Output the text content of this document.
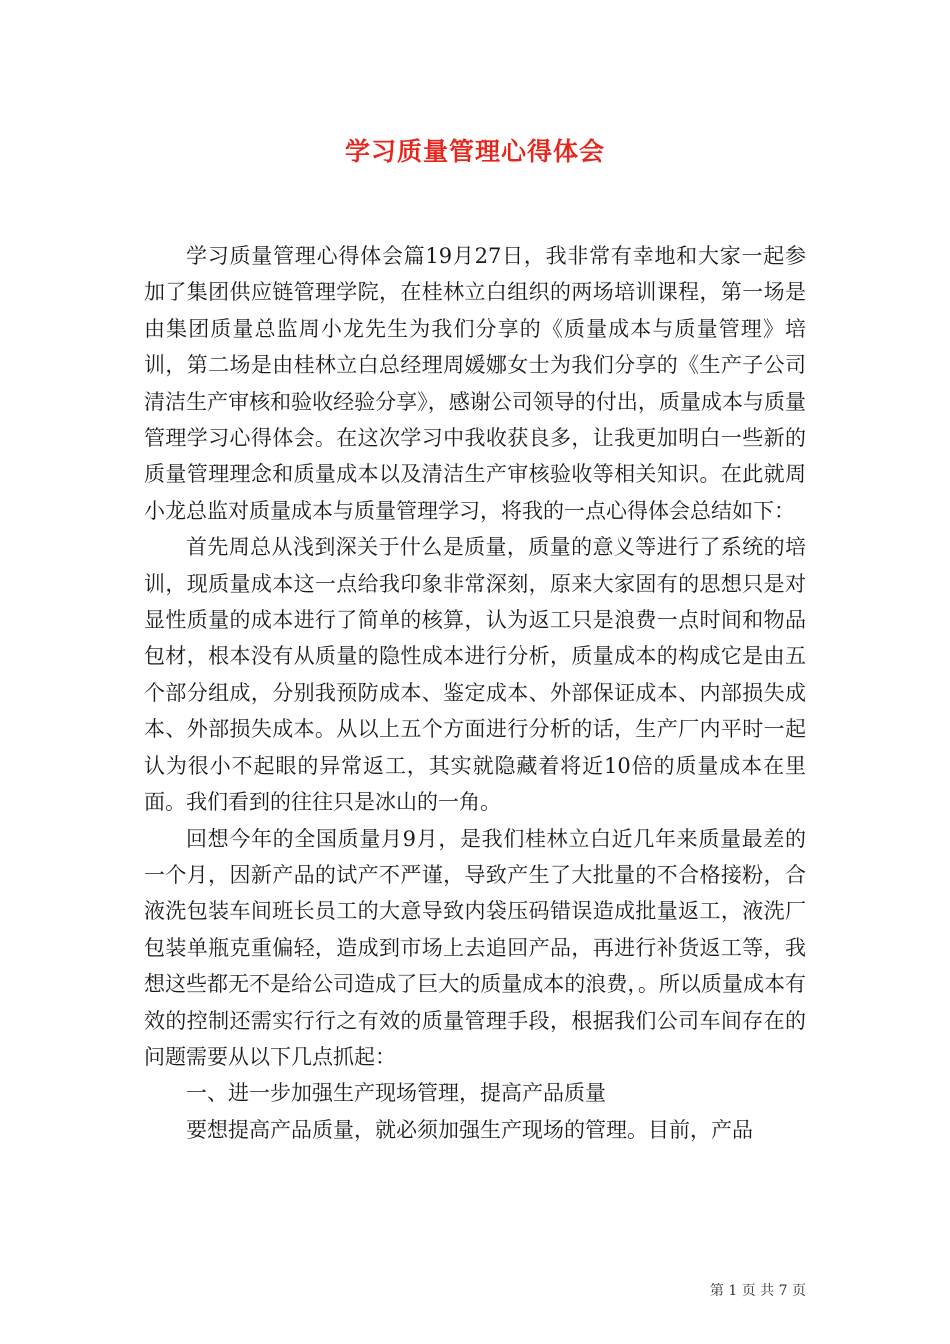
学习质量管理心得体会

学习质量管理心得体会篇19月27日，我非常有幸地和大家一起参加了集团供应链管理学院，在桂林立白组织的两场培训课程，第一场是由集团质量总监周小龙先生为我们分享的《质量成本与质量管理》培训，第二场是由桂林立白总经理周媛娜女士为我们分享的《生产子公司清洁生产审核和验收经验分享》，感谢公司领导的付出，质量成本与质量管理学习心得体会。在这次学习中我收获良多，让我更加明白一些新的质量管理理念和质量成本以及清洁生产审核验收等相关知识。在此就周小龙总监对质量成本与质量管理学习，将我的一点心得体会总结如下：

首先周总从浅到深关于什么是质量，质量的意义等进行了系统的培训，现质量成本这一点给我印象非常深刻，原来大家固有的思想只是对显性质量的成本进行了简单的核算，认为返工只是浪费一点时间和物品包材，根本没有从质量的隐性成本进行分析，质量成本的构成它是由五个部分组成，分别我预防成本、鉴定成本、外部保证成本、内部损失成本、外部损失成本。从以上五个方面进行分析的话，生产厂内平时一起认为很小不起眼的异常返工，其实就隐藏着将近10倍的质量成本在里面。我们看到的往往只是冰山的一角。

回想今年的全国质量月9月，是我们桂林立白近几年来质量最差的一个月，因新产品的试产不严谨，导致产生了大批量的不合格接粉，合液洗包装车间班长员工的大意导致内袋压码错误造成批量返工，液洗厂包装单瓶克重偏轻，造成到市场上去追回产品，再进行补货返工等，我想这些都无不是给公司造成了巨大的质量成本的浪费，。所以质量成本有效的控制还需实行行之有效的质量管理手段，根据我们公司车间存在的问题需要从以下几点抓起：

一、进一步加强生产现场管理，提高产品质量

要想提高产品质量，就必须加强生产现场的管理。目前，产品

第 1 页 共 7 页
